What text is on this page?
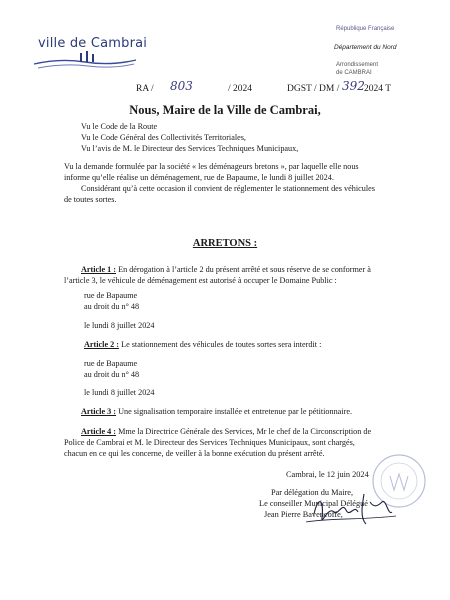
ville de Cambrai
République Française
Département du Nord
Arrondissement
de CAMBRAI
RA / 803	/ 2024	DGST / DM / 392 2024 T
Nous, Maire de la Ville de Cambrai,
Vu le Code de la Route
Vu le Code Général des Collectivités Territoriales,
Vu l’avis de M. le Directeur des Services Techniques Municipaux,
Vu la demande formulée par la société « les déménageurs bretons », par laquelle elle nous
informe qu’elle réalise un déménagement, rue de Bapaume, le lundi 8 juillet 2024.
Considérant qu’à cette occasion il convient de réglementer le stationnement des véhicules
de toutes sortes.
ARRETONS :
Article 1 : En dérogation à l’article 2 du présent arrêté et sous réserve de se conformer à
l’article 3, le véhicule de déménagement est autorisé à occuper le Domaine Public :
rue de Bapaume
au droit du n° 48
le lundi 8 juillet 2024
Article 2 : Le stationnement des véhicules de toutes sortes sera interdit :
rue de Bapaume
au droit du n° 48
le lundi 8 juillet 2024
Article 3 : Une signalisation temporaire installée et entretenue par le pétitionnaire.
Article 4 : Mme la Directrice Générale des Services, Mr le chef de la Circonscription de
Police de Cambrai et M. le Directeur des Services Techniques Municipaux, sont chargés,
chacun en ce qui les concerne, de veiller à la bonne exécution du présent arrêté.
Cambrai, le 12 juin 2024
Par délégation du Maire,
Le conseiller Municipal Délégué
Jean Pierre Bavencoffe,
